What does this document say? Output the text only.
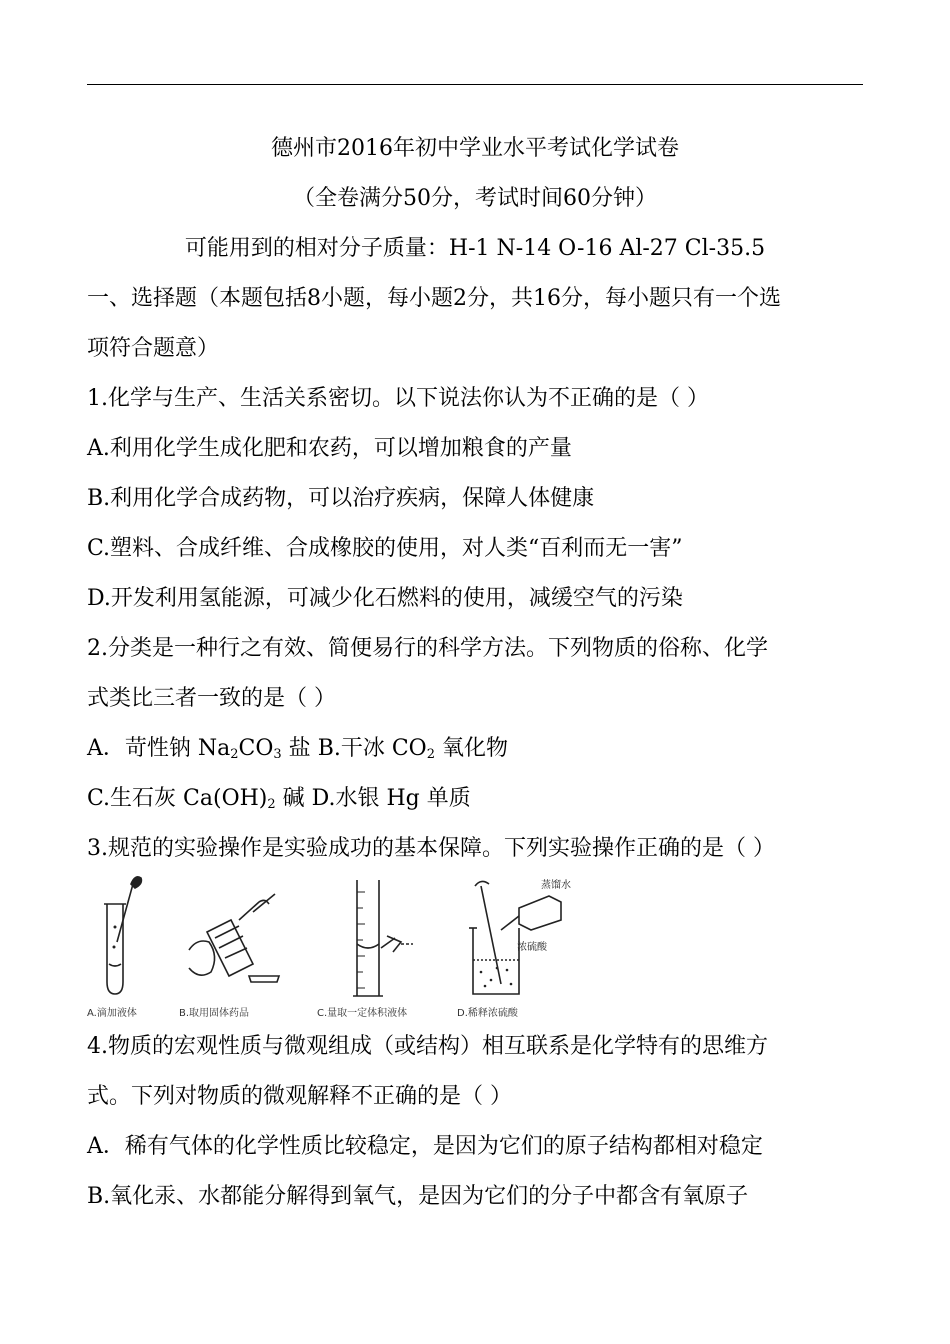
德州市2016年初中学业水平考试化学试卷
（全卷满分50分，考试时间60分钟）
可能用到的相对分子质量：H-1 N-14 O-16 Al-27 Cl-35.5
一、选择题（本题包括8小题，每小题2分，共16分，每小题只有一个选
项符合题意）
1.化学与生产、生活关系密切。以下说法你认为不正确的是（ ）
A.利用化学生成化肥和农药，可以增加粮食的产量
B.利用化学合成药物，可以治疗疾病，保障人体健康
C.塑料、合成纤维、合成橡胶的使用，对人类“百利而无一害”
D.开发利用氢能源，可减少化石燃料的使用，减缓空气的污染
2.分类是一种行之有效、简便易行的科学方法。下列物质的俗称、化学
式类比三者一致的是（ ）
A．苛性钠 $Na_2CO_3$ 盐 B.干冰 $CO_2$ 氧化物
C.生石灰 $Ca(OH)_2$ 碱 D.水银 Hg 单质
3.规范的实验操作是实验成功的基本保障。下列实验操作正确的是（ ）
A.滴加液体	B.取用固体药品	C.量取一定体积液体
蒸馏水
浓硫酸
D.稀释浓硫酸
4.物质的宏观性质与微观组成（或结构）相互联系是化学特有的思维方
式。下列对物质的微观解释不正确的是（ ）
A．稀有气体的化学性质比较稳定，是因为它们的原子结构都相对稳定
B.氧化汞、水都能分解得到氧气，是因为它们的分子中都含有氧原子
